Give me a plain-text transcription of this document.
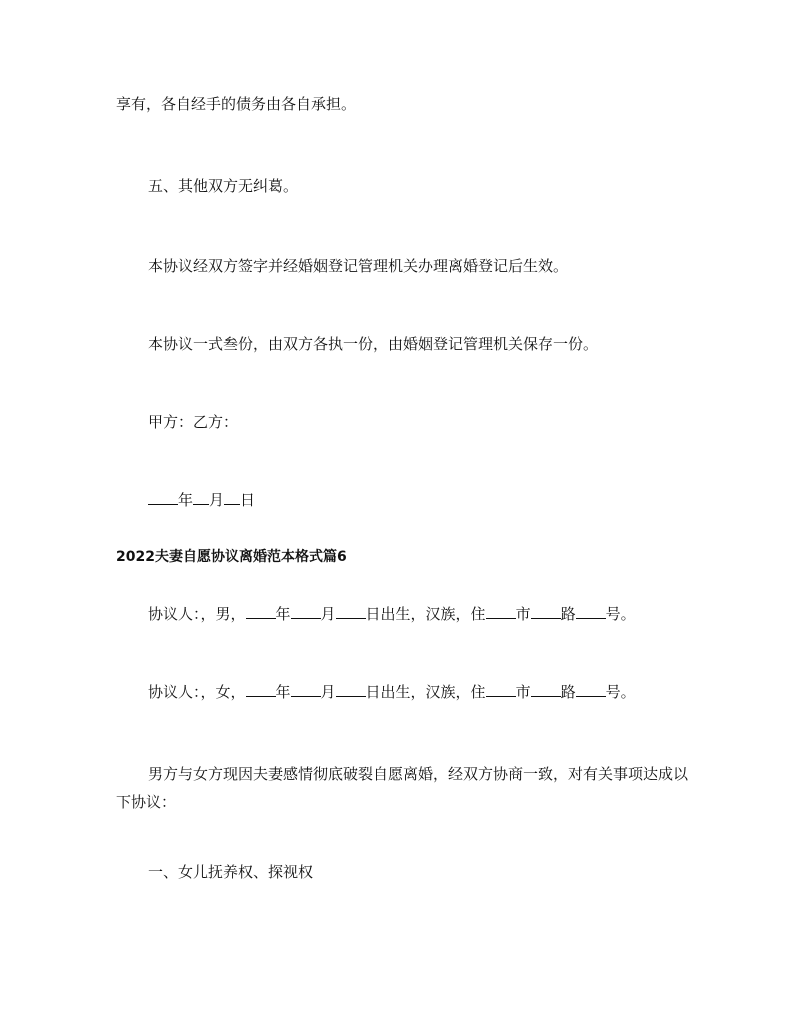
享有，各自经手的债务由各自承担。
五、其他双方无纠葛。
本协议经双方签字并经婚姻登记管理机关办理离婚登记后生效。
本协议一式叁份，由双方各执一份，由婚姻登记管理机关保存一份。
甲方：乙方：
年 月 日
2022夫妻自愿协议离婚范本格式篇6
协议人：，男， 年 月 日出生，汉族，住 市 路 号。
协议人：，女， 年 月 日出生，汉族，住 市 路 号。
男方与女方现因夫妻感情彻底破裂自愿离婚，经双方协商一致，对有关事项达成以下协议：
一、女儿抚养权、探视权
